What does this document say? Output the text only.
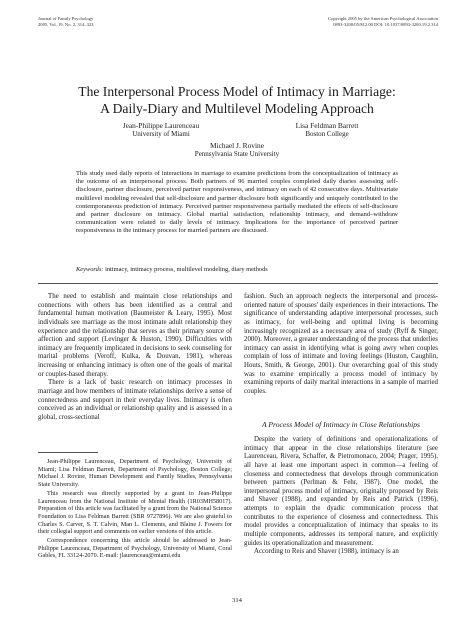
Journal of Family Psychology
2005, Vol. 19, No. 2, 314–323
Copyright 2005 by the American Psychological Association
0893-3200/05/$12.00 DOI: 10.1037/0893-3200.19.2.314
The Interpersonal Process Model of Intimacy in Marriage:
A Daily-Diary and Multilevel Modeling Approach
Jean-Philippe Laurenceau
University of Miami
Lisa Feldman Barrett
Boston College
Michael J. Rovine
Pennsylvania State University

This study used daily reports of interactions in marriage to examine predictions from the conceptualization of intimacy as the outcome of an interpersonal process. Both partners of 96 married couples completed daily diaries assessing self-disclosure, partner disclosure, perceived partner responsiveness, and intimacy on each of 42 consecutive days. Multivariate multilevel modeling revealed that self-disclosure and partner disclosure both significantly and uniquely contributed to the contemporaneous prediction of intimacy. Perceived partner responsiveness partially mediated the effects of self-disclosure and partner disclosure on intimacy. Global marital satisfaction, relationship intimacy, and demand–withdraw communication were related to daily levels of intimacy. Implications for the importance of perceived partner responsiveness in the intimacy process for married partners are discussed.

Keywords: intimacy, intimacy process, multilevel modeling, diary methods

The need to establish and maintain close relationships and connections with others has been identified as a central and fundamental human motivation (Baumeister & Leary, 1995). Most individuals see marriage as the most intimate adult relationship they experience and the relationship that serves as their primary source of affection and support (Levinger & Huston, 1990). Difficulties with intimacy are frequently implicated in decisions to seek counseling for marital problems (Veroff, Kulka, & Douvan, 1981), whereas increasing or enhancing intimacy is often one of the goals of marital or couples-based therapy.

There is a lack of basic research on intimacy processes in marriage and how members of intimate relationships derive a sense of connectedness and support in their everyday lives. Intimacy is often conceived as an individual or relationship quality and is assessed in a global, cross-sectional

Jean-Philippe Laurenceau, Department of Psychology, University of Miami; Lisa Feldman Barrett, Department of Psychology, Boston College; Michael J. Rovine, Human Development and Family Studies, Pennsylvania State University.

This research was directly supported by a grant to Jean-Philippe Laurenceau from the National Institute of Mental Health (1R03MH58017). Preparation of this article was facilitated by a grant from the National Science Foundation to Lisa Feldman Barrett (SBR 9727896). We are also grateful to Charles S. Carver, S. T. Calvin, Man L. Clements, and Blaine J. Fowers for their collegial support and comments on earlier versions of this article.

Correspondence concerning this article should be addressed to Jean-Philippe Laurenceau, Department of Psychology, University of Miami, Coral Gables, FL 33124-2070. E-mail: jlaurenceau@miami.edu

fashion. Such an approach neglects the interpersonal and process-oriented nature of spouses' daily experiences in their interactions. The significance of understanding adaptive interpersonal processes, such as intimacy, for well-being and optimal living is becoming increasingly recognized as a necessary area of study (Ryff & Singer, 2000). Moreover, a greater understanding of the process that underlies intimacy can assist in identifying what is going awry when couples complain of loss of intimate and loving feelings (Huston, Caughlin, Houts, Smith, & George, 2001). Our overarching goal of this study was to examine empirically a process model of intimacy by examining reports of daily marital interactions in a sample of married couples.

A Process Model of Intimacy in Close Relationships

Despite the variety of definitions and operationalizations of intimacy that appear in the close relationships literature (see Laurenceau, Rivera, Schaffer, & Pietromonaco, 2004; Prager, 1995), all have at least one important aspect in common—a feeling of closeness and connectedness that develops through communication between partners (Perlman & Fehr, 1987). One model, the interpersonal process model of intimacy, originally proposed by Reis and Shaver (1988), and expanded by Reis and Patrick (1996), attempts to explain the dyadic communication process that contributes to the experience of closeness and connectedness. This model provides a conceptualization of intimacy that speaks to its multiple components, addresses its temporal nature, and explicitly guides its operationalization and measurement.

According to Reis and Shaver (1988), intimacy is an

314
